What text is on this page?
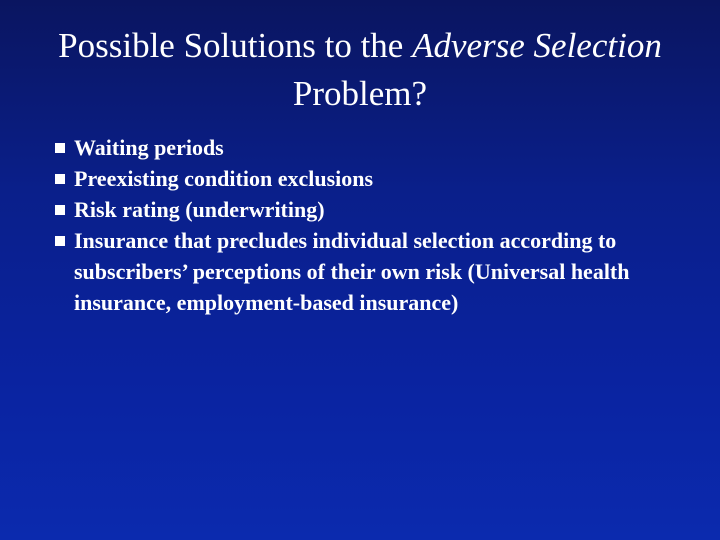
Possible Solutions to the Adverse Selection
Problem?
Waiting periods
Preexisting condition exclusions
Risk rating (underwriting)
Insurance that precludes individual selection according to subscribers’ perceptions of their own risk (Universal health insurance, employment-based insurance)
